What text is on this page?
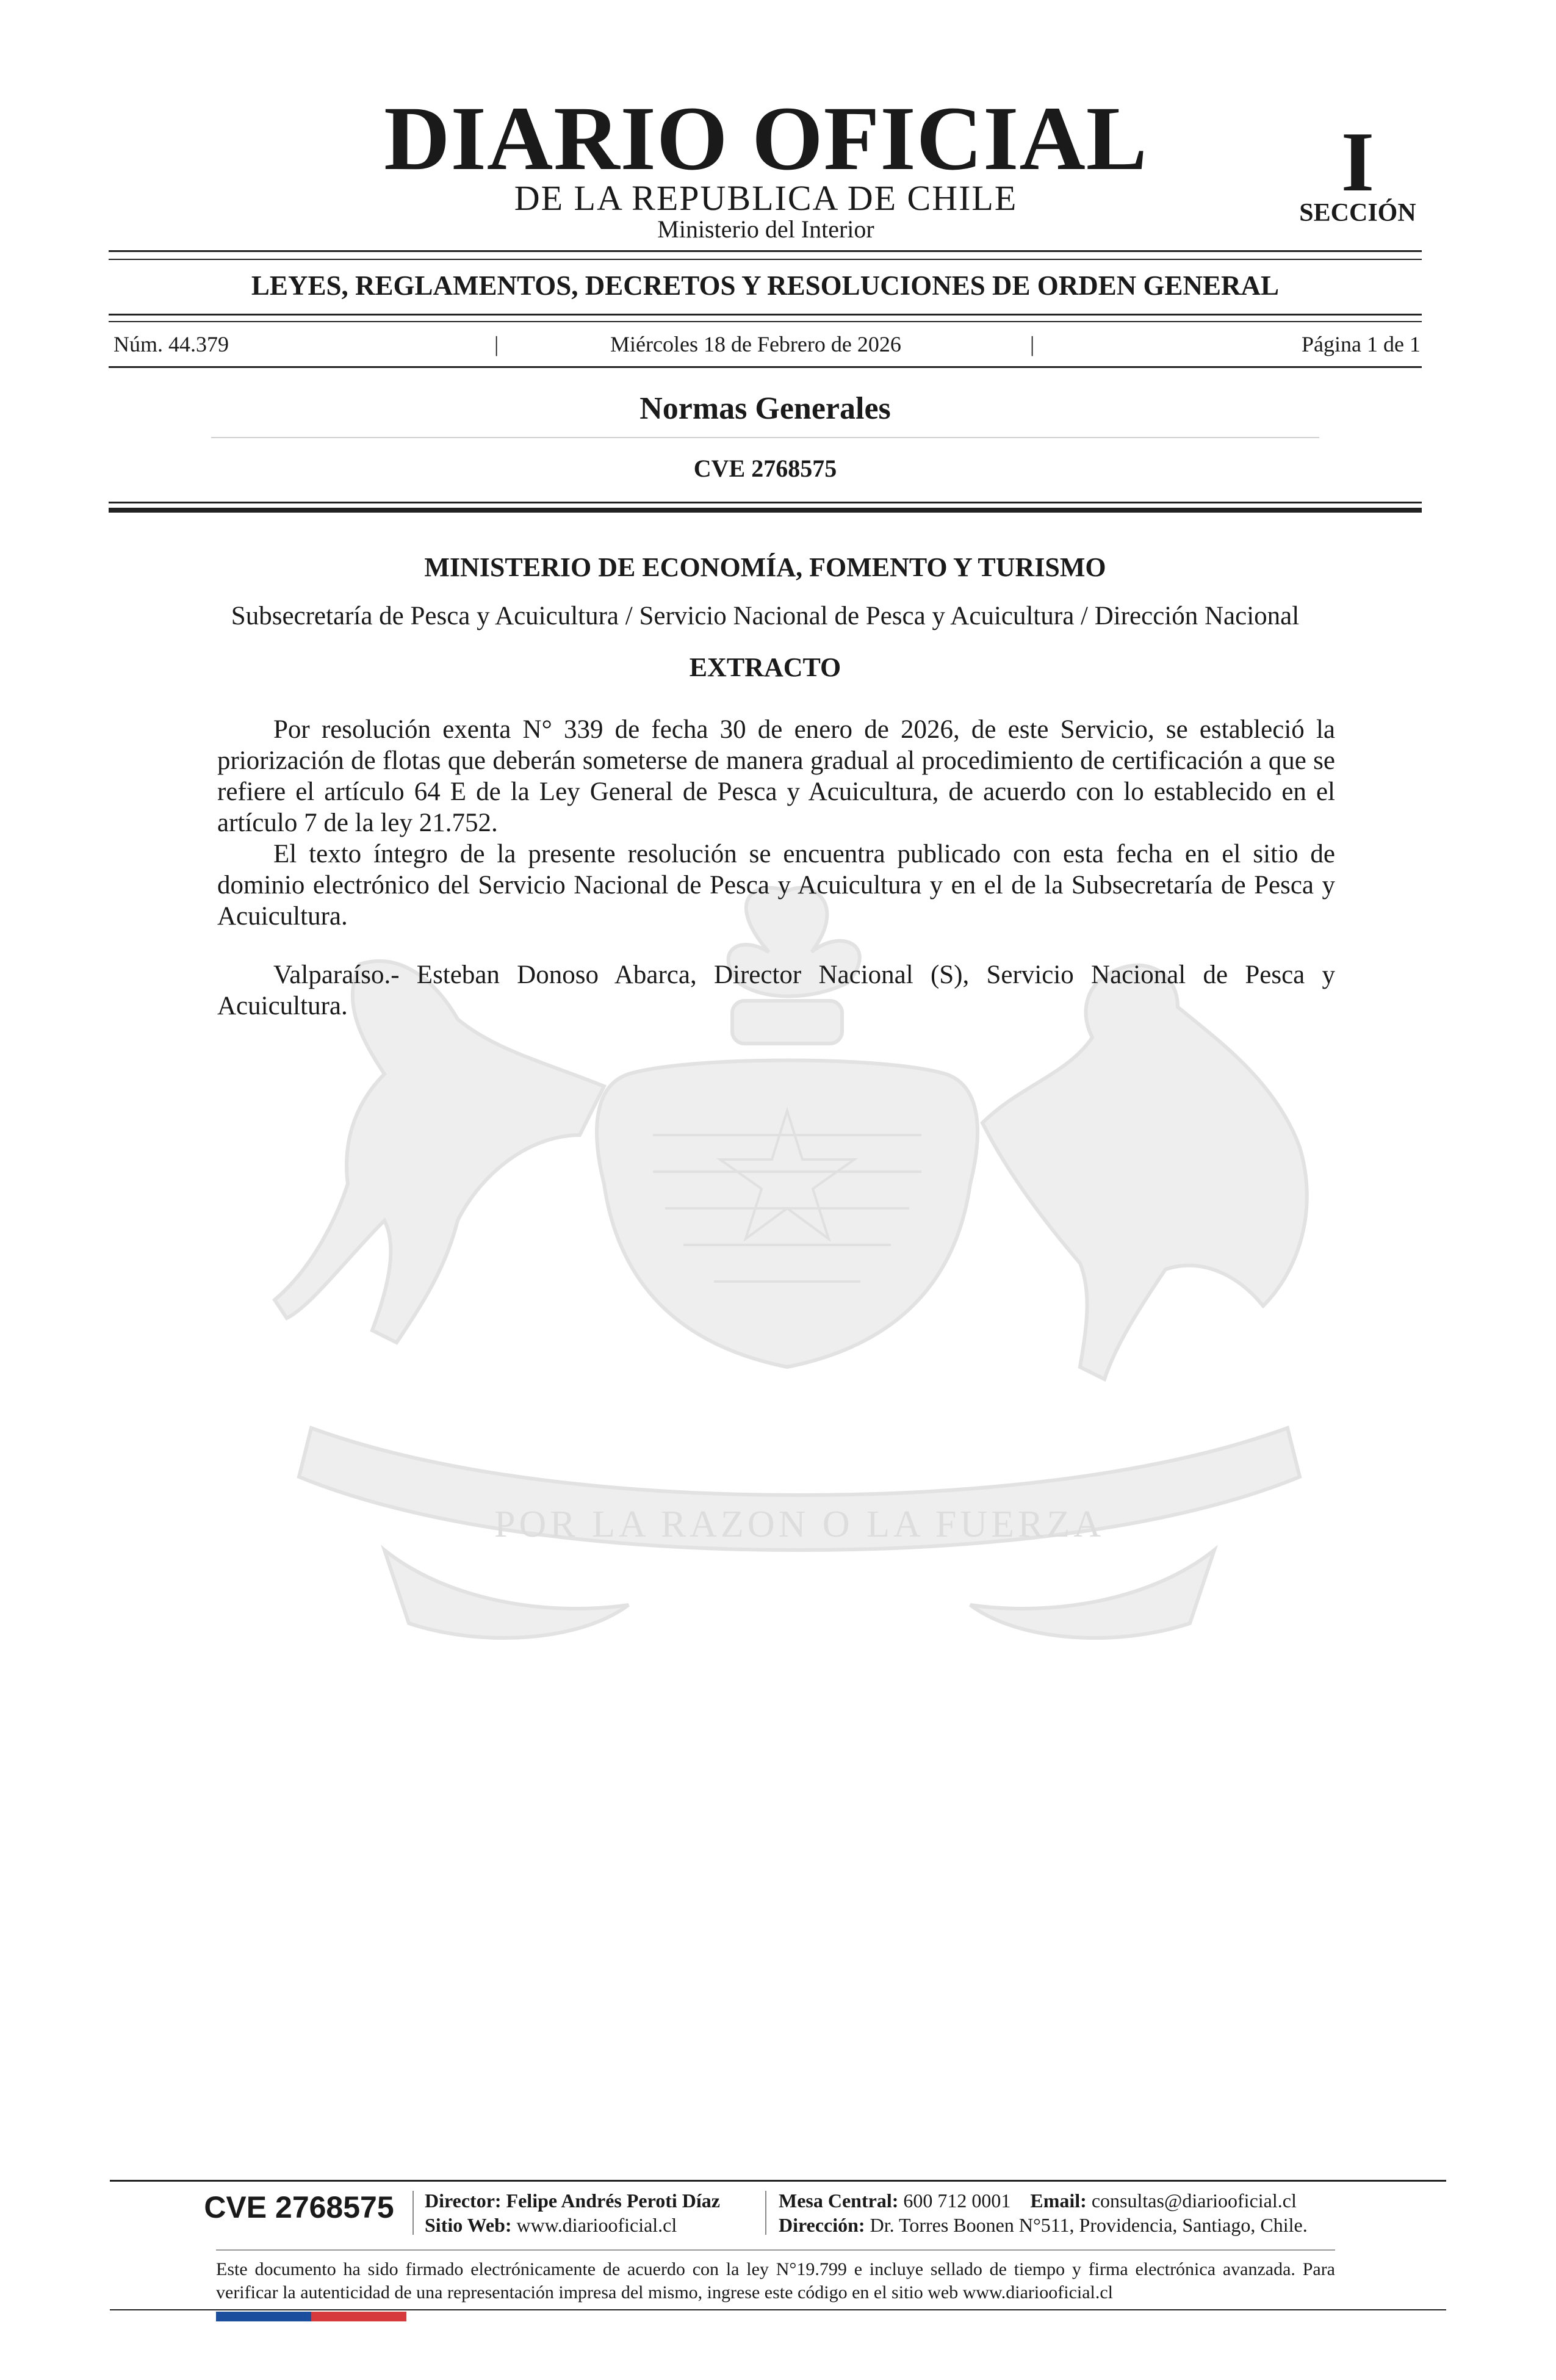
DIARIO OFICIAL
DE LA REPUBLICA DE CHILE
Ministerio del Interior
I
SECCIÓN
LEYES, REGLAMENTOS, DECRETOS Y RESOLUCIONES DE ORDEN GENERAL
Núm. 44.379	|	Miércoles 18 de Febrero de 2026	|	Página 1 de 1
Normas Generales
CVE 2768575
POR LA RAZON O LA FUERZA
MINISTERIO DE ECONOMÍA, FOMENTO Y TURISMO
Subsecretaría de Pesca y Acuicultura / Servicio Nacional de Pesca y Acuicultura / Dirección Nacional
EXTRACTO

Por resolución exenta N° 339 de fecha 30 de enero de 2026, de este Servicio, se estableció la priorización de flotas que deberán someterse de manera gradual al procedimiento de certificación a que se refiere el artículo 64 E de la Ley General de Pesca y Acuicultura, de acuerdo con lo establecido en el artículo 7 de la ley 21.752.

El texto íntegro de la presente resolución se encuentra publicado con esta fecha en el sitio de dominio electrónico del Servicio Nacional de Pesca y Acuicultura y en el de la Subsecretaría de Pesca y Acuicultura.

Valparaíso.- Esteban Donoso Abarca, Director Nacional (S), Servicio Nacional de Pesca y Acuicultura.

CVE 2768575	Director: Felipe Andrés Peroti Díaz
Sitio Web: www.diariooficial.cl
Mesa Central: 600 712 0001 Email: consultas@diariooficial.cl
Dirección: Dr. Torres Boonen N°511, Providencia, Santiago, Chile.

Este documento ha sido firmado electrónicamente de acuerdo con la ley N°19.799 e incluye sellado de tiempo y firma electrónica avanzada. Para verificar la autenticidad de una representación impresa del mismo, ingrese este código en el sitio web www.diariooficial.cl
